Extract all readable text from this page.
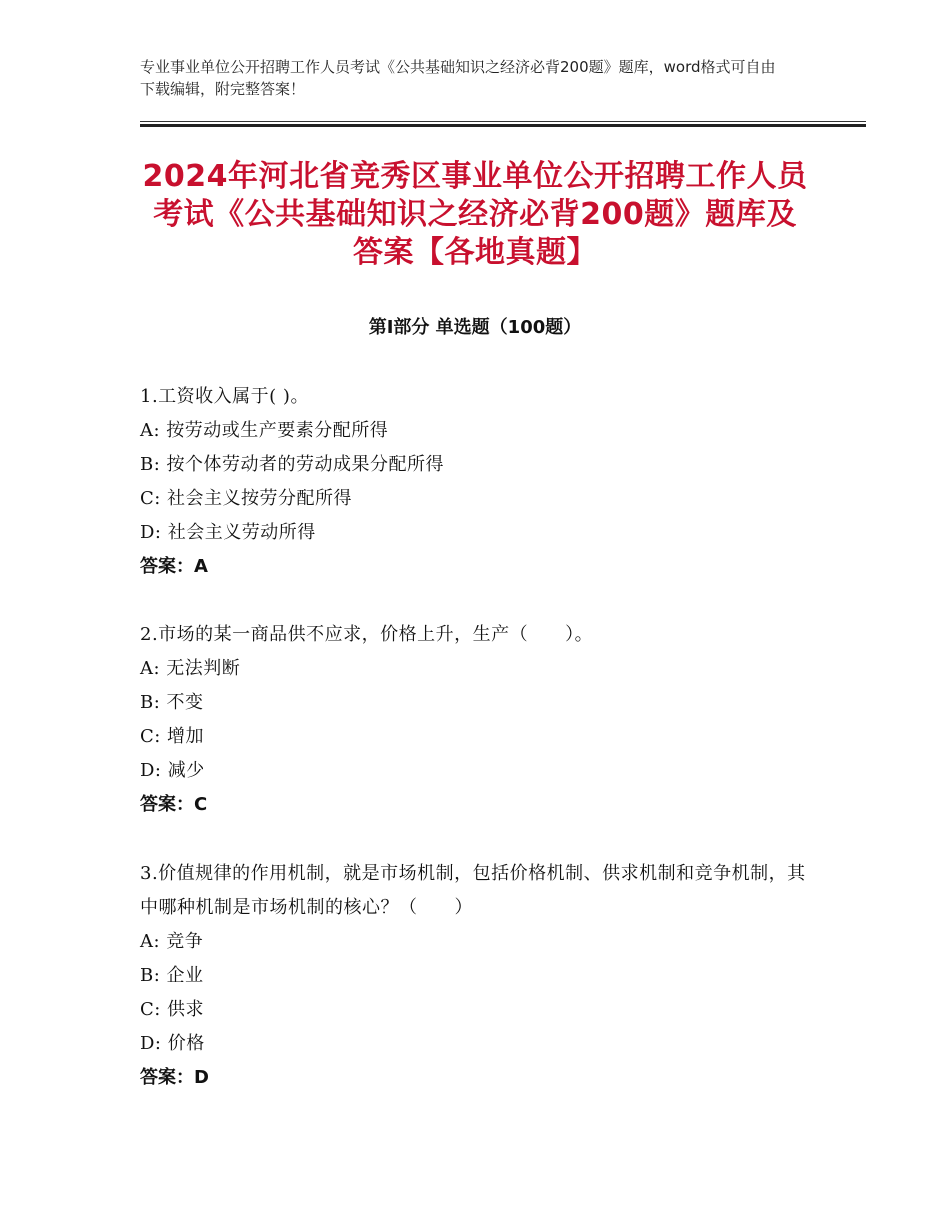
专业事业单位公开招聘工作人员考试《公共基础知识之经济必背200题》题库，word格式可自由下载编辑，附完整答案！
2024年河北省竞秀区事业单位公开招聘工作人员考试《公共基础知识之经济必背200题》题库及答案【各地真题】
第Ⅰ部分 单选题（100题）
1.工资收入属于( )。
A: 按劳动或生产要素分配所得
B: 按个体劳动者的劳动成果分配所得
C: 社会主义按劳分配所得
D: 社会主义劳动所得
答案：A
2.市场的某一商品供不应求，价格上升，生产（　　）。
A: 无法判断
B: 不变
C: 增加
D: 减少
答案：C
3.价值规律的作用机制，就是市场机制，包括价格机制、供求机制和竞争机制，其中哪种机制是市场机制的核心？（　　）
A: 竞争
B: 企业
C: 供求
D: 价格
答案：D
